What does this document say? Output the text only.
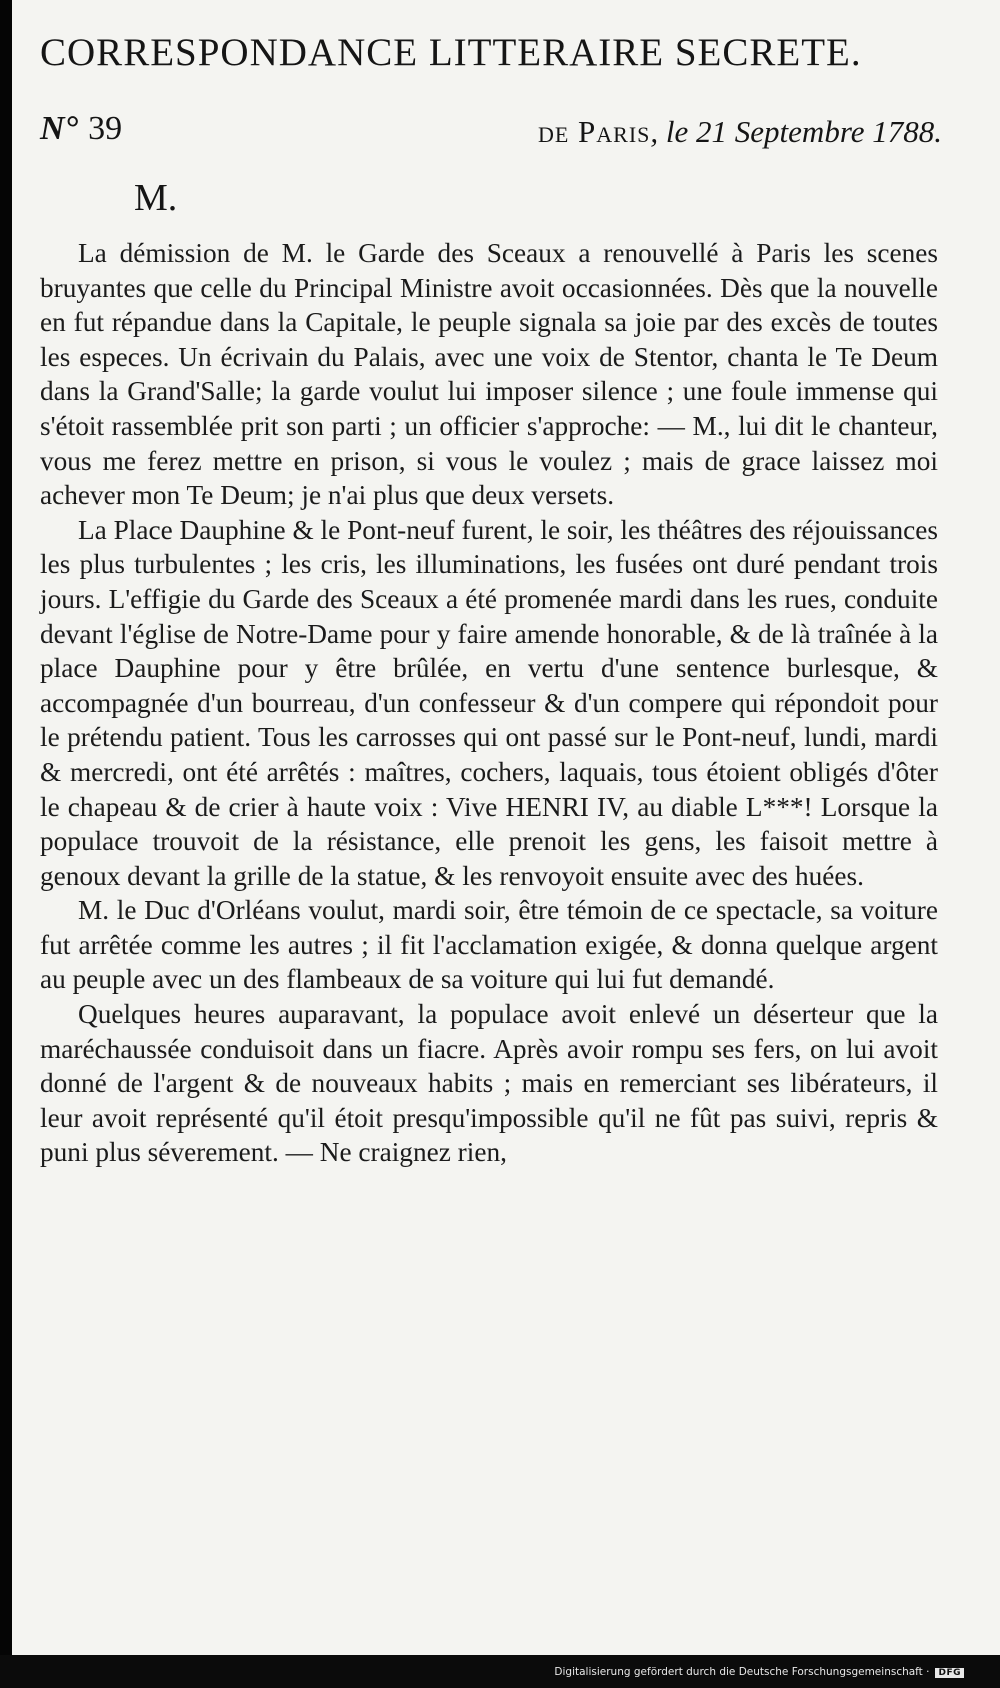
CORRESPONDANCE LITTERAIRE SECRETE.
N° 39	de Paris, le 21 Septembre 1788.
M.

La démission de M. le Garde des Sceaux a renouvellé à Paris les scenes bruyantes que celle du Principal Ministre avoit occasionnées. Dès que la nouvelle en fut répandue dans la Capitale, le peuple signala sa joie par des excès de toutes les especes. Un écrivain du Palais, avec une voix de Stentor, chanta le Te Deum dans la Grand'Salle; la garde voulut lui imposer silence ; une foule immense qui s'étoit rassemblée prit son parti ; un officier s'approche: — M., lui dit le chanteur, vous me ferez mettre en prison, si vous le voulez ; mais de grace laissez moi achever mon Te Deum; je n'ai plus que deux versets.

La Place Dauphine & le Pont-neuf furent, le soir, les théâtres des réjouissances les plus turbulentes ; les cris, les illuminations, les fusées ont duré pendant trois jours. L'effigie du Garde des Sceaux a été promenée mardi dans les rues, conduite devant l'église de Notre-Dame pour y faire amende honorable, & de là traînée à la place Dauphine pour y être brûlée, en vertu d'une sentence burlesque, & accompagnée d'un bourreau, d'un confesseur & d'un compere qui répondoit pour le prétendu patient. Tous les carrosses qui ont passé sur le Pont-neuf, lundi, mardi & mercredi, ont été arrêtés : maîtres, cochers, laquais, tous étoient obligés d'ôter le chapeau & de crier à haute voix : Vive HENRI IV, au diable L***! Lorsque la populace trouvoit de la résistance, elle prenoit les gens, les faisoit mettre à genoux devant la grille de la statue, & les renvoyoit ensuite avec des huées.

M. le Duc d'Orléans voulut, mardi soir, être témoin de ce spectacle, sa voiture fut arrêtée comme les autres ; il fit l'acclamation exigée, & donna quelque argent au peuple avec un des flambeaux de sa voiture qui lui fut demandé.

Quelques heures auparavant, la populace avoit enlevé un déserteur que la maréchaussée conduisoit dans un fiacre. Après avoir rompu ses fers, on lui avoit donné de l'argent & de nouveaux habits ; mais en remerciant ses libérateurs, il leur avoit représenté qu'il étoit presqu'impossible qu'il ne fût pas suivi, repris & puni plus séverement. — Ne craignez rien,

Digitalisierung gefördert durch die Deutsche Forschungsgemeinschaft · DFG
